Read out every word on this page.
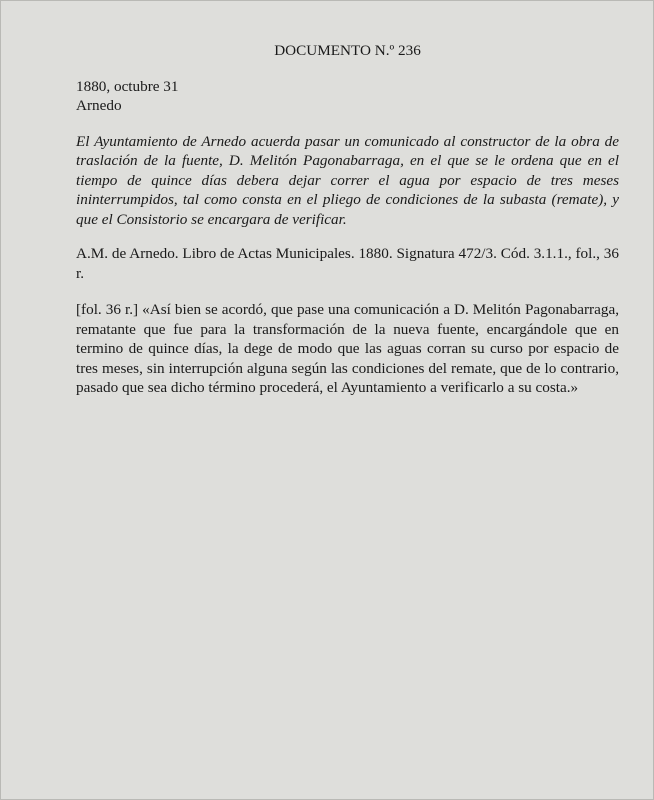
DOCUMENTO N.º 236

1880, octubre 31

Arnedo

El Ayuntamiento de Arnedo acuerda pasar un comunicado al constructor de la obra de traslación de la fuente, D. Melitón Pagonabarraga, en el que se le ordena que en el tiempo de quince días debera dejar correr el agua por espacio de tres meses ininterrumpidos, tal como consta en el pliego de condiciones de la subasta (remate), y que el Consistorio se encargara de verificar.

A.M. de Arnedo. Libro de Actas Municipales. 1880. Signatura 472/3. Cód. 3.1.1., fol., 36 r.

[fol. 36 r.] «Así bien se acordó, que pase una comunicación a D. Melitón Pagonabarraga, rematante que fue para la transformación de la nueva fuente, encargándole que en termino de quince días, la dege de modo que las aguas corran su curso por espacio de tres meses, sin interrupción alguna según las condiciones del remate, que de lo contrario, pasado que sea dicho término procederá, el Ayuntamiento a verificarlo a su costa.»
